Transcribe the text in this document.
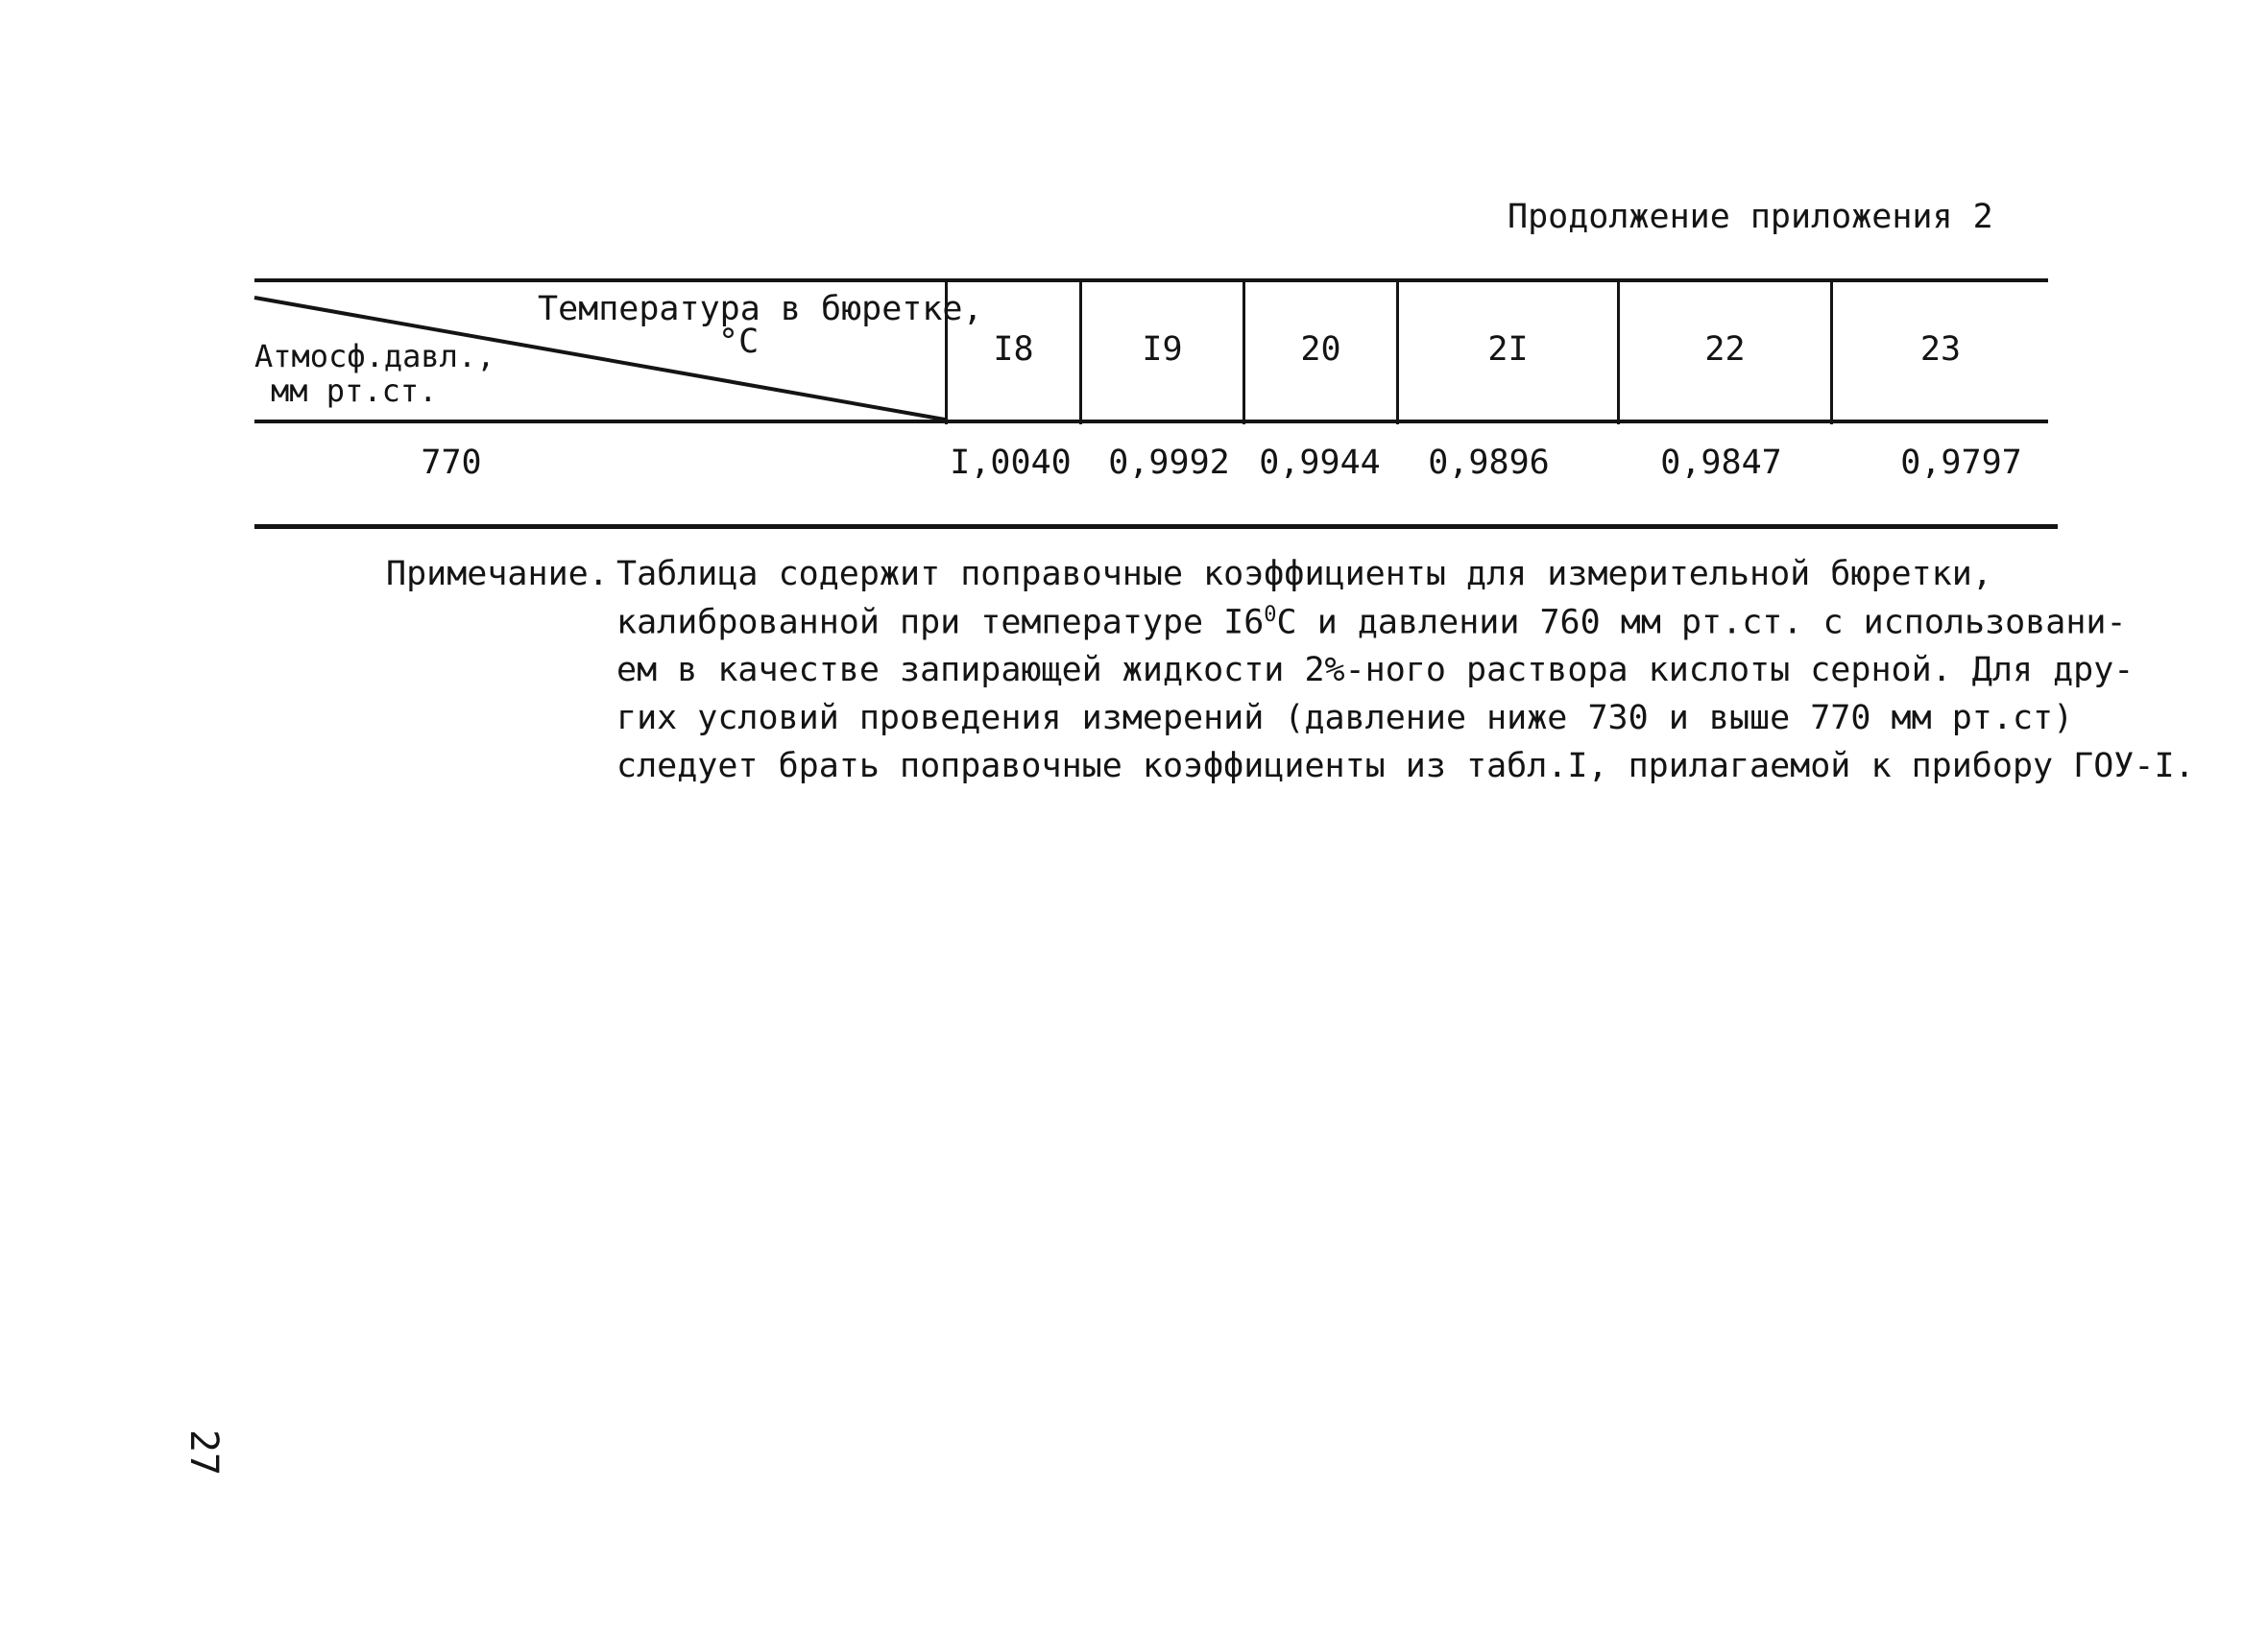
Продолжение приложения 2
Температура в бюретке,
°C
Атмосф.давл.,
мм рт.ст.
I8	I9	20	2I	22	23
770	I,0040	0,9992 0,9944	0,9896	0,9847	0,9797
Примечание. Таблица содержит поправочные коэффициенты для измерительной бюретки,
калиброванной при температуре $I6^0С$ и давлении 760 мм рт.ст. с использовани-
ем в качестве запирающей жидкости 2%-ного раствора кислоты серной. Для дру-
гих условий проведения измерений (давление ниже 730 и выше 770 мм рт.ст)
следует брать поправочные коэффициенты из табл.I, прилагаемой к прибору ГОУ-I.
27
